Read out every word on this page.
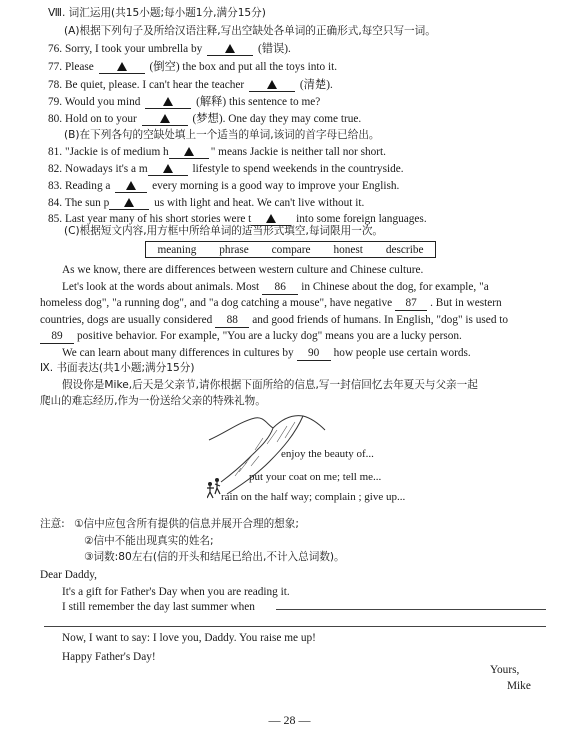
Ⅷ. 词汇运用(共15小题;每小题1分,满分15分)
(A)根据下列句子及所给汉语注释,写出空缺处各单词的正确形式,每空只写一词。
76. Sorry, I took your umbrella by	(错误).
77. Please	(倒空) the box and put all the toys into it.
78. Be quiet, please. I can't hear the teacher	(清楚).
79. Would you mind	(解释) this sentence to me?
80. Hold on to your	(梦想). One day they may come true.
(B)在下列各句的空缺处填上一个适当的单词,该词的首字母已给出。
81. "Jackie is of medium h	" means Jackie is neither tall nor short.
82. Nowadays it's a m	lifestyle to spend weekends in the countryside.
83. Reading a	every morning is a good way to improve your English.
84. The sun p	us with light and heat. We can't live without it.
85. Last year many of his short stories were t	into some foreign languages.
(C)根据短文内容,用方框中所给单词的适当形式填空,每词限用一次。
meaning phrase compare honest describe
As we know, there are differences between western culture and Chinese culture.
Let's look at the words about animals. Most 86 in Chinese about the dog, for example, "a
homeless dog", "a running dog", and "a dog catching a mouse", have negative 87 . But in western
countries, dogs are usually considered 88 and good friends of humans. In English, "dog" is used to
89 positive behavior. For example, "You are a lucky dog" means you are a lucky person.
We can learn about many differences in cultures by 90 how people use certain words.
Ⅸ. 书面表达(共1小题;满分15分)
假设你是Mike,后天是父亲节,请你根据下面所给的信息,写一封信回忆去年夏天与父亲一起
爬山的难忘经历,作为一份送给父亲的特殊礼物。
enjoy the beauty of...
put your coat on me; tell me...
rain on the half way; complain ; give up...
注意: ①信中应包含所有提供的信息并展开合理的想象;
②信中不能出现真实的姓名;
③词数:80左右(信的开头和结尾已给出,不计入总词数)。
Dear Daddy,
It's a gift for Father's Day when you are reading it.
I still remember the day last summer when
Now, I want to say: I love you, Daddy. You raise me up!
Happy Father's Day!
Yours,
Mike
— 28 —
